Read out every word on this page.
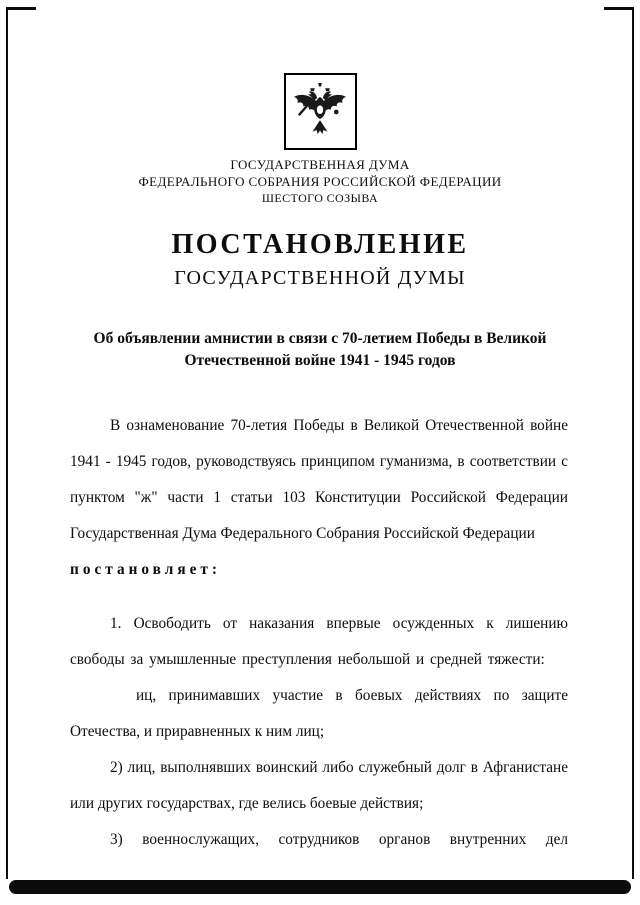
ГОСУДАРСТВЕННАЯ ДУМА
ФЕДЕРАЛЬНОГО СОБРАНИЯ РОССИЙСКОЙ ФЕДЕРАЦИИ
ШЕСТОГО СОЗЫВА
ПОСТАНОВЛЕНИЕ
ГОСУДАРСТВЕННОЙ ДУМЫ
Об объявлении амнистии в связи с 70-летием Победы в Великой
Отечественной войне 1941 - 1945 годов

В ознаменование 70-летия Победы в Великой Отечественной войне 1941 - 1945 годов, руководствуясь принципом гуманизма, в соответствии с пунктом "ж" части 1 статьи 103 Конституции Российской Федерации Государственная Дума Федерального Собрания Российской Федерации

постановляет:

1. Освободить от наказания впервые осужденных к лишению свободы за умышленные преступления небольшой и средней тяжести:

иц, принимавших участие в боевых действиях по защите Отечества, и приравненных к ним лиц;

2) лиц, выполнявших воинский либо служебный долг в Афганистане или других государствах, где велись боевые действия;

3) военнослужащих, сотрудников органов внутренних дел
